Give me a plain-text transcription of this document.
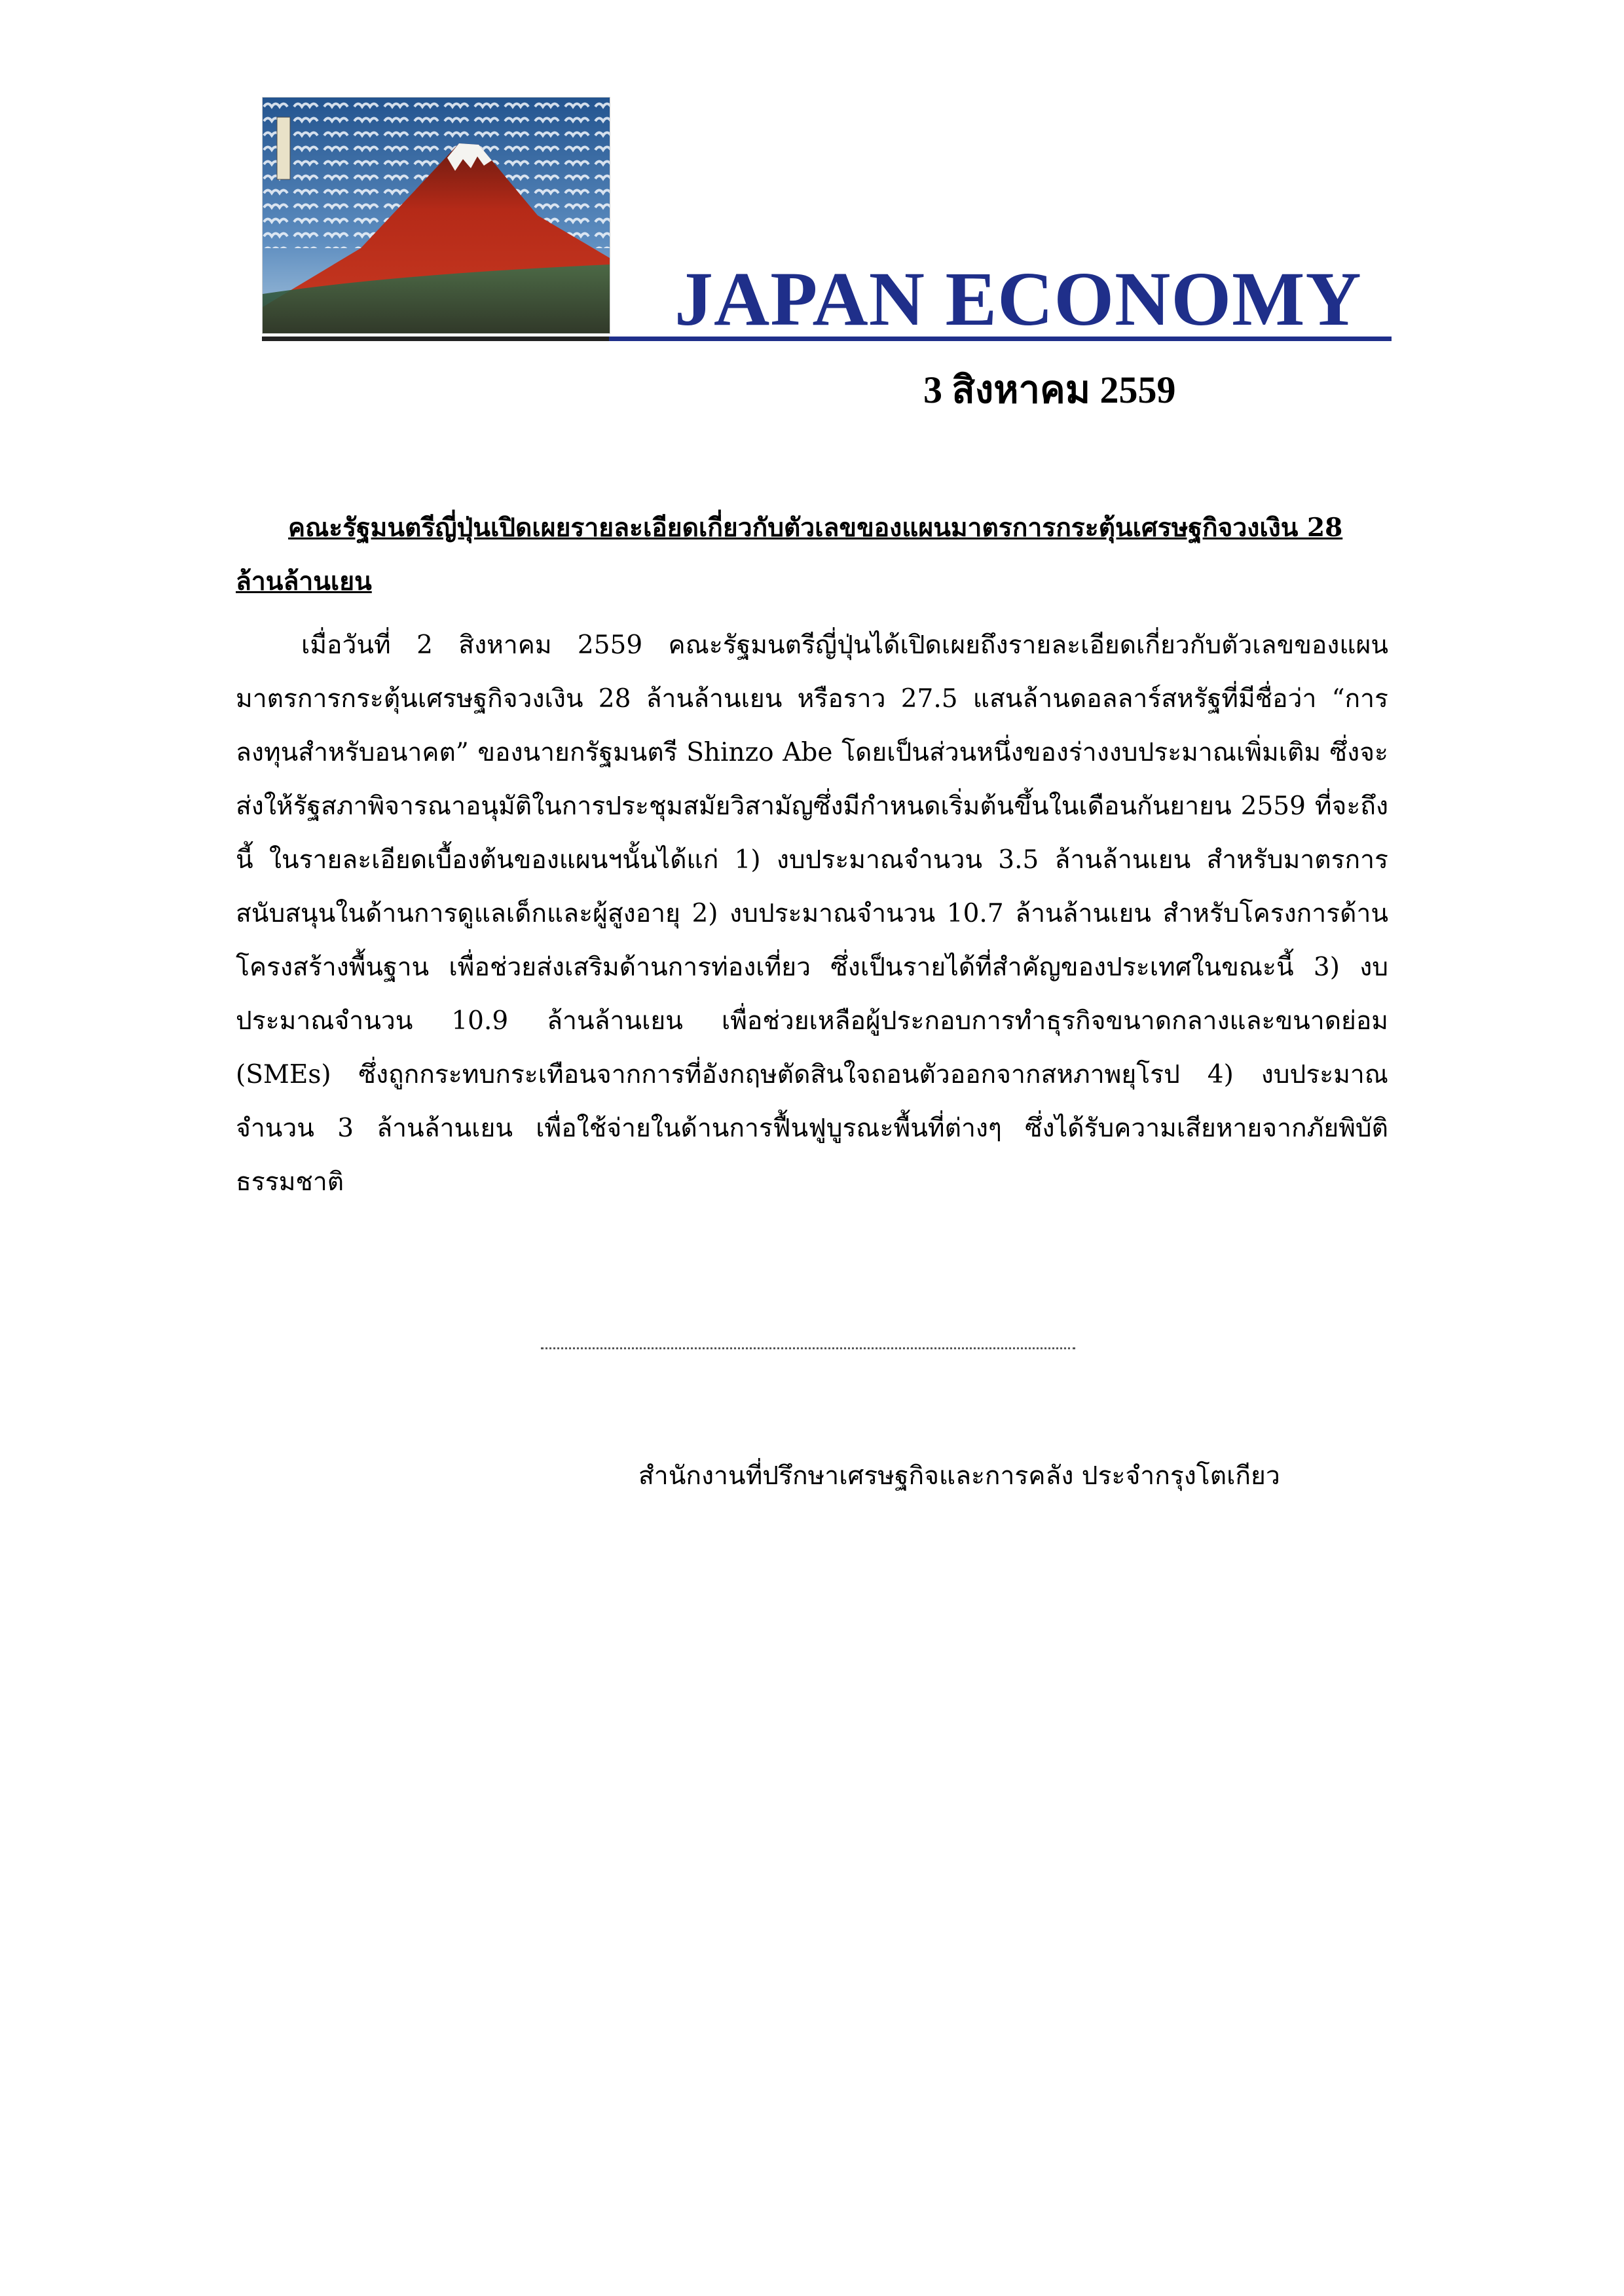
JAPAN ECONOMY
3 สิงหาคม 2559
คณะรัฐมนตรีญี่ปุ่นเปิดเผยรายละเอียดเกี่ยวกับตัวเลขของแผนมาตรการกระตุ้นเศรษฐกิจวงเงิน 28 ล้านล้านเยน
เมื่อวันที่ 2 สิงหาคม 2559 คณะรัฐมนตรีญี่ปุ่นได้เปิดเผยถึงรายละเอียดเกี่ยวกับตัวเลขของแผนมาตรการกระตุ้นเศรษฐกิจวงเงิน 28 ล้านล้านเยน หรือราว 27.5 แสนล้านดอลลาร์สหรัฐที่มีชื่อว่า “การลงทุนสำหรับอนาคต” ของนายกรัฐมนตรี Shinzo Abe โดยเป็นส่วนหนึ่งของร่างงบประมาณเพิ่มเติม ซึ่งจะส่งให้รัฐสภาพิจารณาอนุมัติในการประชุมสมัยวิสามัญซึ่งมีกำหนดเริ่มต้นขึ้นในเดือนกันยายน 2559 ที่จะถึงนี้ ในรายละเอียดเบื้องต้นของแผนฯนั้นได้แก่ 1) งบประมาณจำนวน 3.5 ล้านล้านเยน สำหรับมาตรการสนับสนุนในด้านการดูแลเด็กและผู้สูงอายุ 2) งบประมาณจำนวน 10.7 ล้านล้านเยน สำหรับโครงการด้านโครงสร้างพื้นฐาน เพื่อช่วยส่งเสริมด้านการท่องเที่ยว ซึ่งเป็นรายได้ที่สำคัญของประเทศในขณะนี้ 3) งบประมาณจำนวน 10.9 ล้านล้านเยน เพื่อช่วยเหลือผู้ประกอบการทำธุรกิจขนาดกลางและขนาดย่อม (SMEs) ซึ่งถูกกระทบกระเทือนจากการที่อังกฤษตัดสินใจถอนตัวออกจากสหภาพยุโรป 4) งบประมาณจำนวน 3 ล้านล้านเยน เพื่อใช้จ่ายในด้านการฟื้นฟูบูรณะพื้นที่ต่างๆ ซึ่งได้รับความเสียหายจากภัยพิบัติธรรมชาติ
สำนักงานที่ปรึกษาเศรษฐกิจและการคลัง ประจำกรุงโตเกียว
